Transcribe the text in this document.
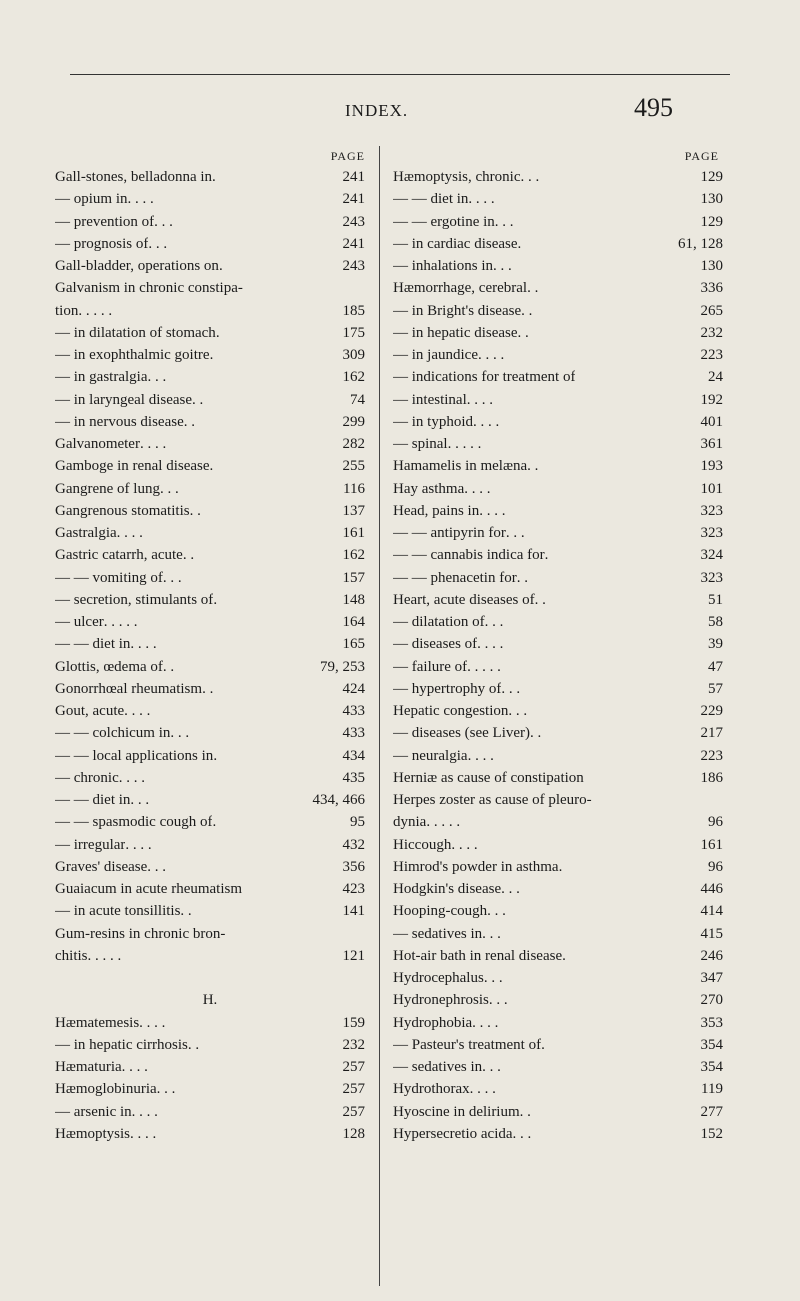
INDEX.	495
PAGE
Gall-stones, belladonna in .	241
— opium in . . . .	241
— prevention of . . .	243
— prognosis of . . .	241
Gall-bladder, operations on .	243
Galvanism in chronic constipa-
tion . . . . .	185
— in dilatation of stomach .	175
— in exophthalmic goitre .	309
— in gastralgia . . .	162
— in laryngeal disease . .	74
— in nervous disease . .	299
Galvanometer . . . .	282
Gamboge in renal disease .	255
Gangrene of lung . . .	116
Gangrenous stomatitis . .	137
Gastralgia . . . .	161
Gastric catarrh, acute . .	162
— — vomiting of . . .	157
— secretion, stimulants of .	148
— ulcer . . . . .	164
— — diet in . . . .	165
Glottis, œdema of . .	79, 253
Gonorrhœal rheumatism . .	424
Gout, acute . . . .	433
— — colchicum in . . .	433
— — local applications in .	434
— chronic . . . .	435
— — diet in . . .	434, 466
— — spasmodic cough of .	95
— irregular . . . .	432
Graves' disease . . .	356
Guaiacum in acute rheumatism	423
— in acute tonsillitis . .	141
Gum-resins in chronic bron-
chitis . . . . .	121
H.
Hæmatemesis . . . .	159
— in hepatic cirrhosis . .	232
Hæmaturia . . . .	257
Hæmoglobinuria . . .	257
— arsenic in . . . .	257
Hæmoptysis . . . .	128
PAGE
Hæmoptysis, chronic . . .	129
— — diet in . . . .	130
— — ergotine in . . .	129
— in cardiac disease .	61, 128
— inhalations in . . .	130
Hæmorrhage, cerebral . .	336
— in Bright's disease . .	265
— in hepatic disease . .	232
— in jaundice . . . .	223
— indications for treatment of	24
— intestinal . . . .	192
— in typhoid . . . .	401
— spinal . . . . .	361
Hamamelis in melæna . .	193
Hay asthma . . . .	101
Head, pains in . . . .	323
— — antipyrin for . . .	323
— — cannabis indica for .	324
— — phenacetin for . .	323
Heart, acute diseases of . .	51
— dilatation of . . .	58
— diseases of . . . .	39
— failure of . . . . .	47
— hypertrophy of . . .	57
Hepatic congestion . . .	229
— diseases (see Liver) . .	217
— neuralgia . . . .	223
Herniæ as cause of constipation	186
Herpes zoster as cause of pleuro-
dynia . . . . .	96
Hiccough . . . .	161
Himrod's powder in asthma .	96
Hodgkin's disease . . .	446
Hooping-cough . . .	414
— sedatives in . . .	415
Hot-air bath in renal disease .	246
Hydrocephalus . . .	347
Hydronephrosis . . .	270
Hydrophobia . . . .	353
— Pasteur's treatment of .	354
— sedatives in . . .	354
Hydrothorax . . . .	119
Hyoscine in delirium . .	277
Hypersecretio acida . . .	152
